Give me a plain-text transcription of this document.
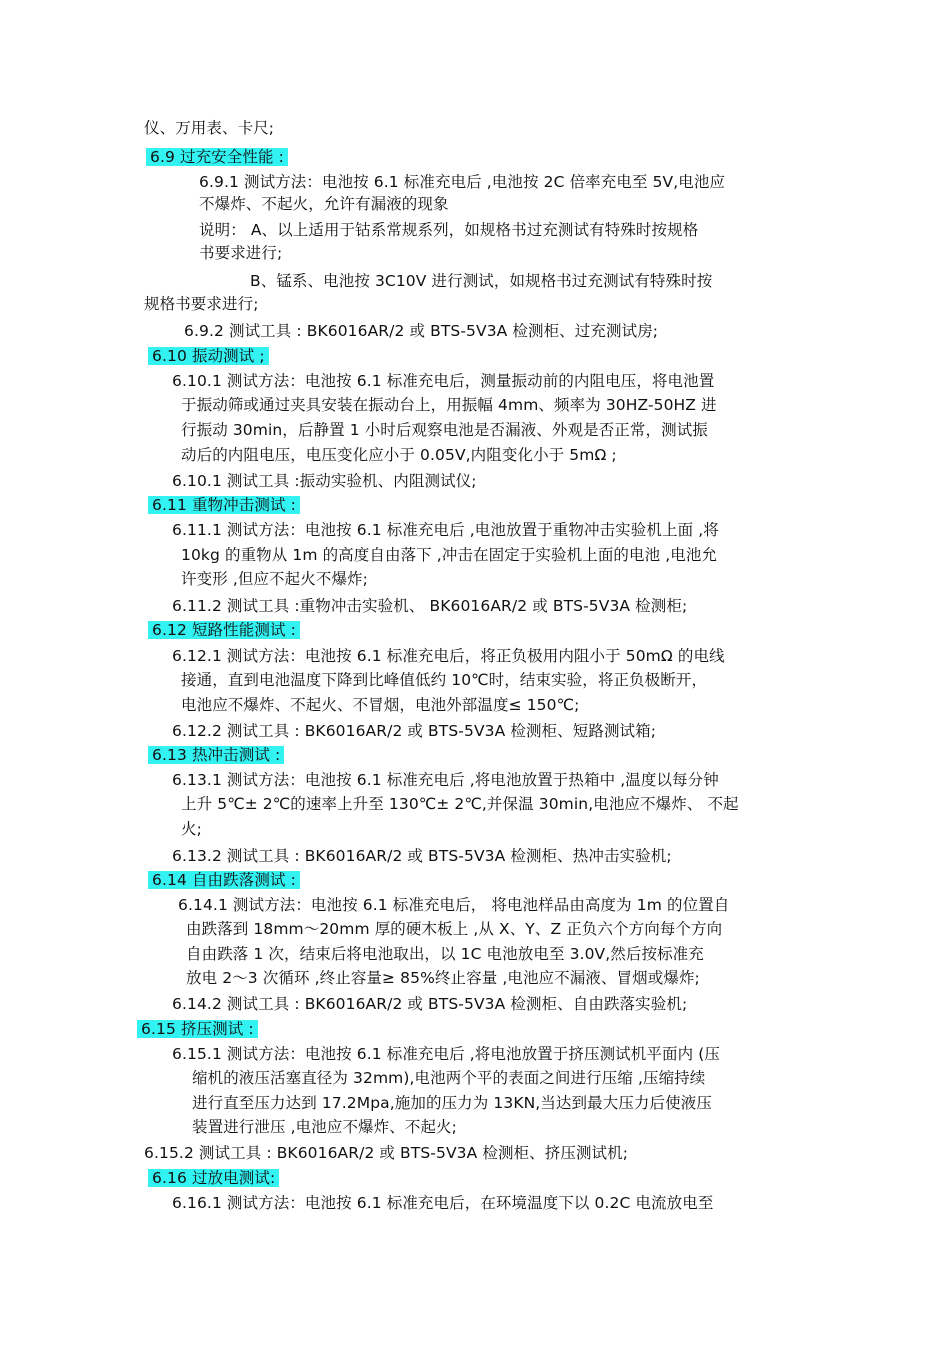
仪、万用表、卡尺;
6.9 过充安全性能 :
6.9.1 测试方法：电池按 6.1 标准充电后 ,电池按 2C 倍率充电至 5V,电池应
不爆炸、不起火，允许有漏液的现象
说明： A、以上适用于钴系常规系列，如规格书过充测试有特殊时按规格
书要求进行;
B、锰系、电池按 3C10V 进行测试，如规格书过充测试有特殊时按
规格书要求进行;
6.9.2 测试工具 : BK6016AR/2 或 BTS-5V3A 检测柜、过充测试房;
6.10 振动测试 ;
6.10.1 测试方法：电池按 6.1 标准充电后，测量振动前的内阻电压，将电池置
于振动筛或通过夹具安装在振动台上，用振幅 4mm、频率为 30HZ-50HZ 进
行振动 30min，后静置 1 小时后观察电池是否漏液、外观是否正常，测试振
动后的内阻电压，电压变化应小于 0.05V,内阻变化小于 5mΩ ;
6.10.1 测试工具 :振动实验机、内阻测试仪;
6.11 重物冲击测试 :
6.11.1 测试方法：电池按 6.1 标准充电后 ,电池放置于重物冲击实验机上面 ,将
10kg 的重物从 1m 的高度自由落下 ,冲击在固定于实验机上面的电池 ,电池允
许变形 ,但应不起火不爆炸;
6.11.2 测试工具 :重物冲击实验机、 BK6016AR/2 或 BTS-5V3A 检测柜;
6.12 短路性能测试 :
6.12.1 测试方法：电池按 6.1 标准充电后，将正负极用内阻小于 50mΩ 的电线
接通，直到电池温度下降到比峰值低约 10℃时，结束实验，将正负极断开，
电池应不爆炸、不起火、不冒烟，电池外部温度≤ 150℃;
6.12.2 测试工具 : BK6016AR/2 或 BTS-5V3A 检测柜、短路测试箱;
6.13 热冲击测试 :
6.13.1 测试方法：电池按 6.1 标准充电后 ,将电池放置于热箱中 ,温度以每分钟
上升 5℃± 2℃的速率上升至 130℃± 2℃,并保温 30min,电池应不爆炸、 不起
火;
6.13.2 测试工具 : BK6016AR/2 或 BTS-5V3A 检测柜、热冲击实验机;
6.14 自由跌落测试 :
6.14.1 测试方法：电池按 6.1 标准充电后， 将电池样品由高度为 1m 的位置自
由跌落到 18mm～20mm 厚的硬木板上 ,从 X、Y、Z 正负六个方向每个方向
自由跌落 1 次，结束后将电池取出，以 1C 电池放电至 3.0V,然后按标准充
放电 2～3 次循环 ,终止容量≥ 85%终止容量 ,电池应不漏液、冒烟或爆炸;
6.14.2 测试工具 : BK6016AR/2 或 BTS-5V3A 检测柜、自由跌落实验机;
6.15 挤压测试 :
6.15.1 测试方法：电池按 6.1 标准充电后 ,将电池放置于挤压测试机平面内 (压
缩机的液压活塞直径为 32mm),电池两个平的表面之间进行压缩 ,压缩持续
进行直至压力达到 17.2Mpa,施加的压力为 13KN,当达到最大压力后使液压
装置进行泄压 ,电池应不爆炸、不起火;
6.15.2 测试工具 : BK6016AR/2 或 BTS-5V3A 检测柜、挤压测试机;
6.16 过放电测试:
6.16.1 测试方法：电池按 6.1 标准充电后，在环境温度下以 0.2C 电流放电至
